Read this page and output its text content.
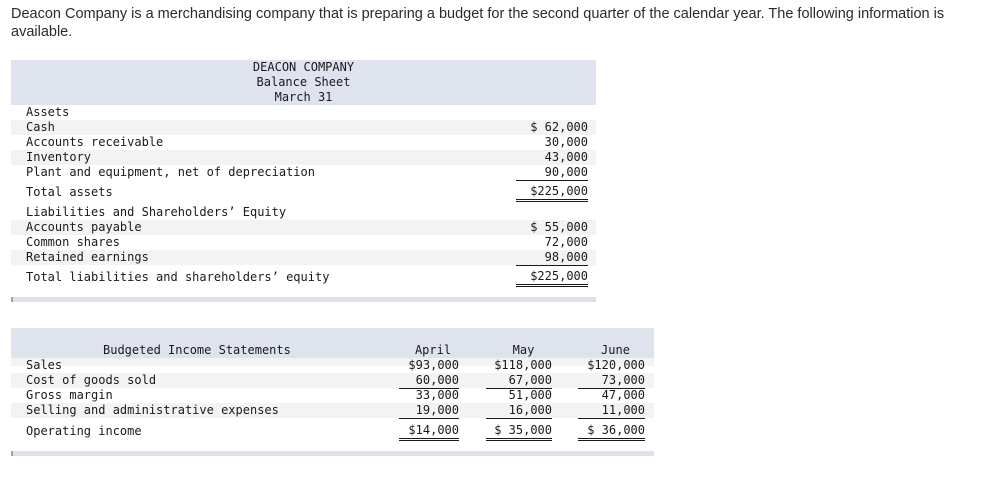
Deacon Company is a merchandising company that is preparing a budget for the second quarter of the calendar year. The following information is available.
DEACON COMPANY
Balance Sheet
March 31
Assets
Cash	$ 62,000
Accounts receivable	30,000
Inventory	43,000
Plant and equipment, net of depreciation	90,000
Total assets	$225,000
Liabilities and Shareholders’ Equity
Accounts payable	$ 55,000
Common shares	72,000
Retained earnings	98,000
Total liabilities and shareholders’ equity	$225,000
Budgeted Income Statements	April	May	June
Sales	$93,000	$118,000	$120,000
Cost of goods sold	60,000	67,000	73,000
Gross margin	33,000	51,000	47,000
Selling and administrative expenses	19,000	16,000	11,000
Operating income	$14,000	$ 35,000	$ 36,000
